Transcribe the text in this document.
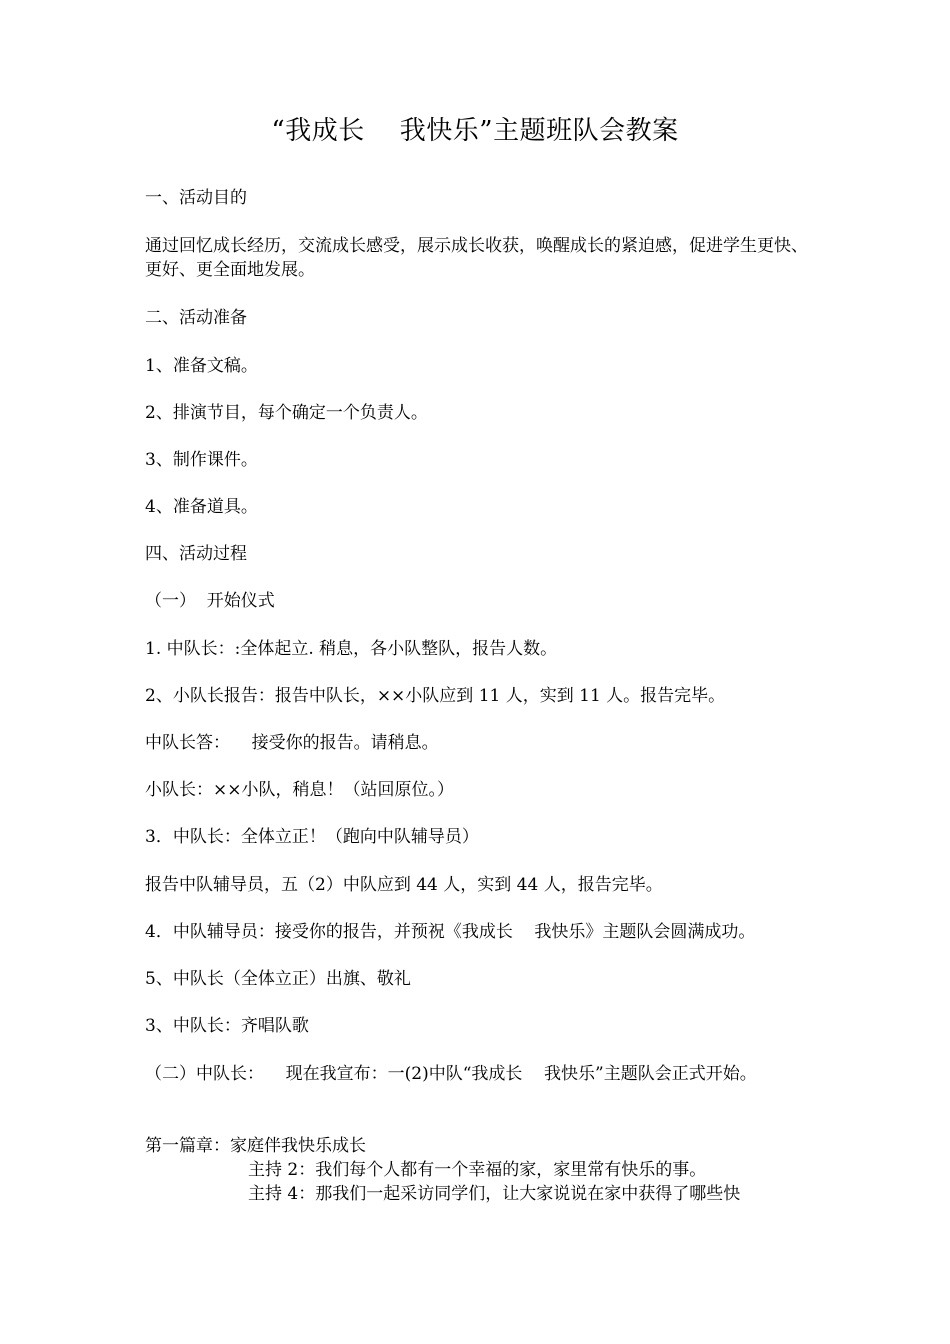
“我成长    我快乐”主题班队会教案
一、活动目的
通过回忆成长经历，交流成长感受，展示成长收获，唤醒成长的紧迫感，促进学生更快、更好、更全面地发展。
二、活动准备
1、准备文稿。
2、排演节目，每个确定一个负责人。
3、制作课件。
4、准备道具。
四、活动过程
（一）  开始仪式
1. 中队长：:全体起立. 稍息，各小队整队，报告人数。
2、小队长报告：报告中队长，××小队应到 11 人，实到 11 人。报告完毕。
中队长答：    接受你的报告。请稍息。
小队长：××小队，稍息！（站回原位。）
3．中队长：全体立正！（跑向中队辅导员）
报告中队辅导员，五（2）中队应到 44 人，实到 44 人，报告完毕。
4．中队辅导员：接受你的报告，并预祝《我成长    我快乐》主题队会圆满成功。
5、中队长（全体立正）出旗、敬礼
3、中队长：齐唱队歌
（二）中队长：    现在我宣布：一(2)中队“我成长    我快乐”主题队会正式开始。
第一篇章：家庭伴我快乐成长
主持 2：我们每个人都有一个幸福的家，家里常有快乐的事。
主持 4：那我们一起采访同学们，让大家说说在家中获得了哪些快
